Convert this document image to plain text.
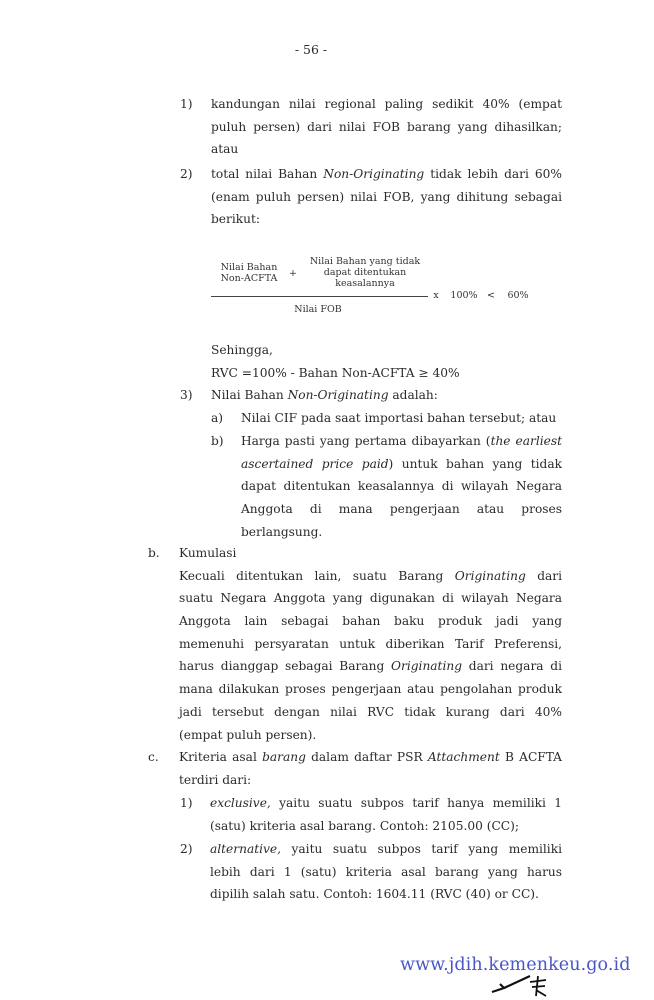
- 56 -
1) kandungan nilai regional paling sedikit 40% (empat
puluh persen) dari nilai FOB barang yang dihasilkan;
atau
2) total nilai Bahan Non-Originating tidak lebih dari 60%
(enam puluh persen) nilai FOB, yang dihitung sebagai
berikut:
Nilai Bahan Non-ACFTA	+
Nilai Bahan yang tidak dapat ditentukan keasalannya
x	100% <	60%
Nilai FOB
Sehingga,
RVC =100% - Bahan Non-ACFTA ≥ 40%
3) Nilai Bahan Non-Originating adalah:
a) Nilai CIF pada saat importasi bahan tersebut; atau
b) Harga pasti yang pertama dibayarkan (the earliest
ascertained price paid) untuk bahan yang tidak
dapat ditentukan keasalannya di wilayah Negara
Anggota di mana pengerjaan atau proses
berlangsung.
b. Kumulasi
Kecuali ditentukan lain, suatu Barang Originating dari
suatu Negara Anggota yang digunakan di wilayah Negara
Anggota lain sebagai bahan baku produk jadi yang
memenuhi persyaratan untuk diberikan Tarif Preferensi,
harus dianggap sebagai Barang Originating dari negara di
mana dilakukan proses pengerjaan atau pengolahan produk
jadi tersebut dengan nilai RVC tidak kurang dari 40%
(empat puluh persen).
c. Kriteria asal barang dalam daftar PSR Attachment B ACFTA
terdiri dari:
1) exclusive, yaitu suatu subpos tarif hanya memiliki 1
(satu) kriteria asal barang. Contoh: 2105.00 (CC);
2) alternative, yaitu suatu subpos tarif yang memiliki
lebih dari 1 (satu) kriteria asal barang yang harus
dipilih salah satu. Contoh: 1604.11 (RVC (40) or CC).
www.jdih.kemenkeu.go.id
